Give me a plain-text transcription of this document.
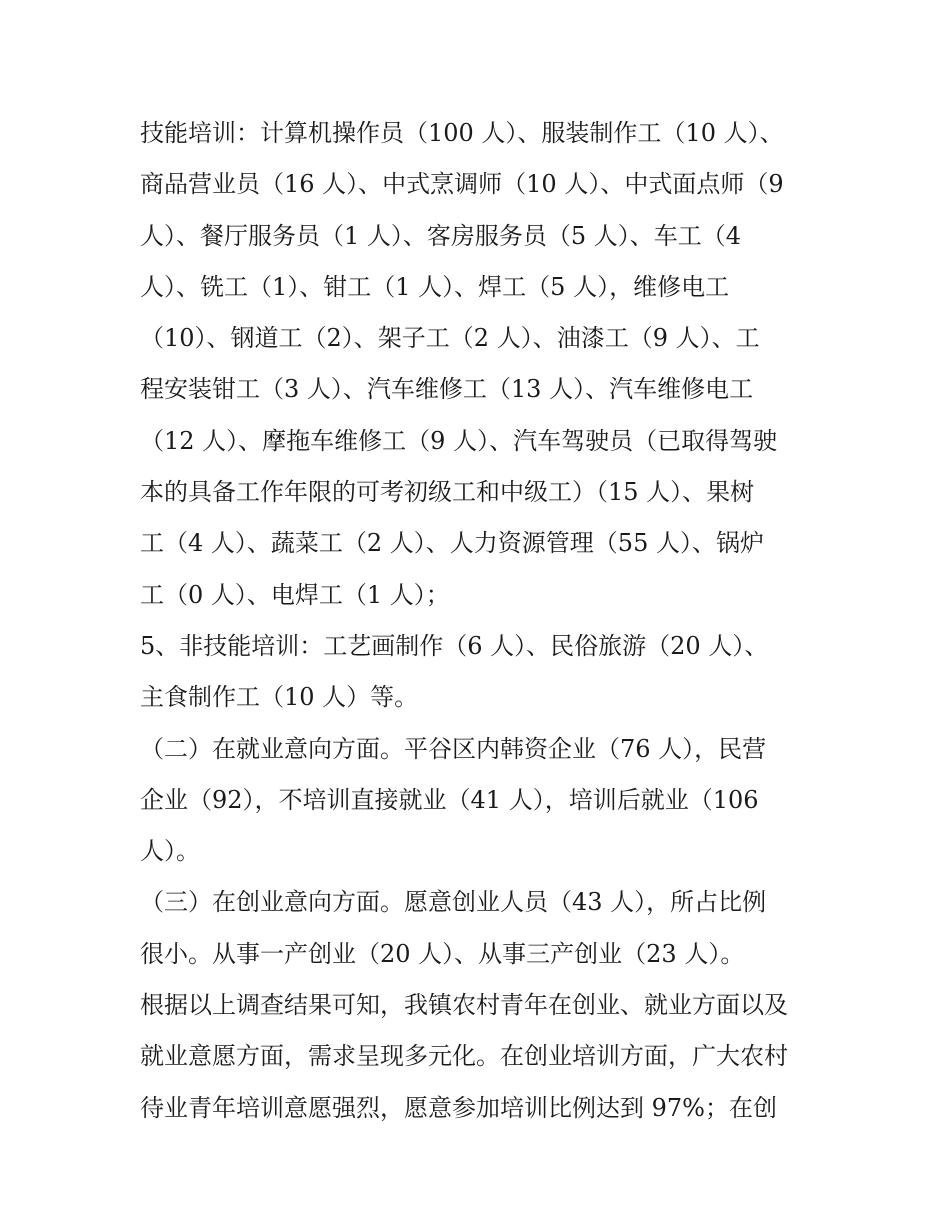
技能培训：计算机操作员（100 人）、服装制作工（10 人）、
商品营业员（16 人）、中式烹调师（10 人）、中式面点师（9
人）、餐厅服务员（1 人）、客房服务员（5 人）、车工（4
人）、铣工（1）、钳工（1 人）、焊工（5 人），维修电工
（10）、钢道工（2）、架子工（2 人）、油漆工（9 人）、工
程安装钳工（3 人）、汽车维修工（13 人）、汽车维修电工
（12 人）、摩拖车维修工（9 人）、汽车驾驶员（已取得驾驶
本的具备工作年限的可考初级工和中级工）（15 人）、果树
工（4 人）、蔬菜工（2 人）、人力资源管理（55 人）、锅炉
工（0 人）、电焊工（1 人）；
5、非技能培训：工艺画制作（6 人）、民俗旅游（20 人）、
主食制作工（10 人）等。
（二）在就业意向方面。平谷区内韩资企业（76 人），民营
企业（92），不培训直接就业（41 人），培训后就业（106
人）。
（三）在创业意向方面。愿意创业人员（43 人），所占比例
很小。从事一产创业（20 人）、从事三产创业（23 人）。
根据以上调查结果可知，我镇农村青年在创业、就业方面以及
就业意愿方面，需求呈现多元化。在创业培训方面，广大农村
待业青年培训意愿强烈，愿意参加培训比例达到 97%；在创
